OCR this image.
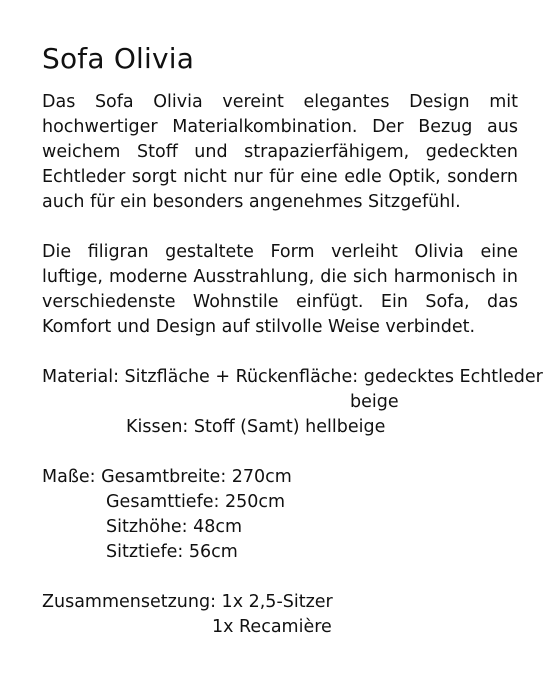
Sofa Olivia

Das Sofa Olivia vereint elegantes Design mit hochwertiger Materialkombination. Der Bezug aus weichem Stoff und strapazierfähigem, gedeckten Echtleder sorgt nicht nur für eine edle Optik, sondern auch für ein besonders angenehmes Sitzgefühl.

Die filigran gestaltete Form verleiht Olivia eine luftige, moderne Ausstrahlung, die sich harmonisch in verschiedenste Wohnstile einfügt. Ein Sofa, das Komfort und Design auf stilvolle Weise verbindet.

Material: Sitzfläche + Rückenfläche: gedecktes Echtleder
beige
Kissen: Stoff (Samt) hellbeige
Maße: Gesamtbreite: 270cm
Gesamttiefe: 250cm
Sitzhöhe: 48cm
Sitztiefe: 56cm
Zusammensetzung: 1x 2,5-Sitzer
1x Recamière
